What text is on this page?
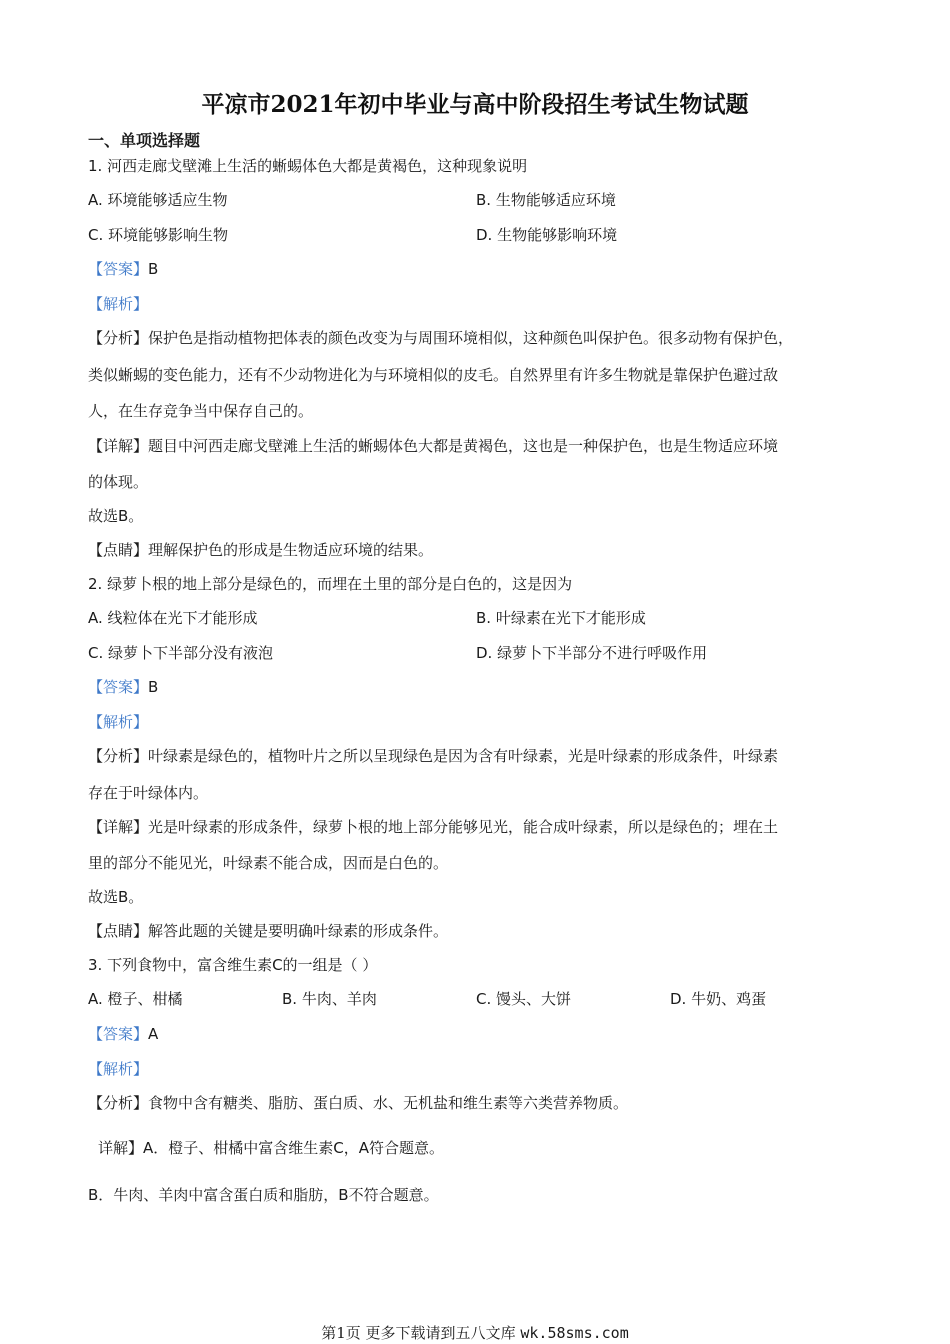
平凉市2021年初中毕业与高中阶段招生考试生物试题
一、单项选择题
1. 河西走廊戈壁滩上生活的蜥蜴体色大都是黄褐色，这种现象说明
A. 环境能够适应生物	B. 生物能够适应环境
C. 环境能够影响生物	D. 生物能够影响环境
【答案】B
【解析】
【分析】保护色是指动植物把体表的颜色改变为与周围环境相似，这种颜色叫保护色。很多动物有保护色，
类似蜥蜴的变色能力，还有不少动物进化为与环境相似的皮毛。自然界里有许多生物就是靠保护色避过敌
人，在生存竞争当中保存自己的。
【详解】题目中河西走廊戈壁滩上生活的蜥蜴体色大都是黄褐色，这也是一种保护色，也是生物适应环境
的体现。
故选B。
【点睛】理解保护色的形成是生物适应环境的结果。
2. 绿萝卜根的地上部分是绿色的，而埋在土里的部分是白色的，这是因为
A. 线粒体在光下才能形成	B. 叶绿素在光下才能形成
C. 绿萝卜下半部分没有液泡	D. 绿萝卜下半部分不进行呼吸作用
【答案】B
【解析】
【分析】叶绿素是绿色的，植物叶片之所以呈现绿色是因为含有叶绿素，光是叶绿素的形成条件，叶绿素
存在于叶绿体内。
【详解】光是叶绿素的形成条件，绿萝卜根的地上部分能够见光，能合成叶绿素，所以是绿色的；埋在土
里的部分不能见光，叶绿素不能合成，因而是白色的。
故选B。
【点睛】解答此题的关键是要明确叶绿素的形成条件。
3. 下列食物中，富含维生素C的一组是（ ）
A. 橙子、柑橘	B. 牛肉、羊肉	C. 馒头、大饼	D. 牛奶、鸡蛋
【答案】A
【解析】
【分析】食物中含有糖类、脂肪、蛋白质、水、无机盐和维生素等六类营养物质。
详解】A．橙子、柑橘中富含维生素C，A符合题意。
B．牛肉、羊肉中富含蛋白质和脂肪，B不符合题意。
第1页 更多下载请到五八文库 wk.58sms.com
